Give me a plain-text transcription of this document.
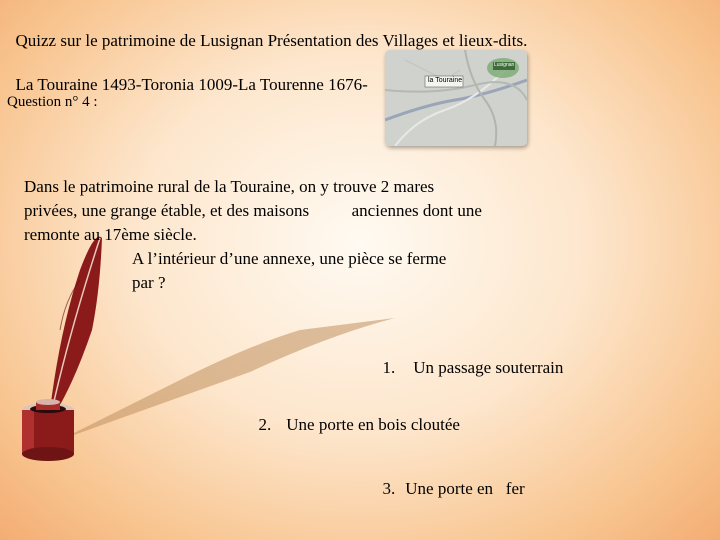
Quizz sur le patrimoine de Lusignan Présentation des Villages et lieux-dits.

La Touraine 1493-Toronia 1009-La Tourenne 1676-

Question n° 4 :
la Touraine
Lusignan
Dans le patrimoine rural de la Touraine, on y trouve 2 mares
privées, une grange étable, et des maisons          anciennes dont une
remonte au 17ème siècle.
A l’intérieur d’une annexe, une pièce se ferme
par ?

1. Un passage souterrain

2. Une porte en bois cloutée

3. Une porte en   fer
